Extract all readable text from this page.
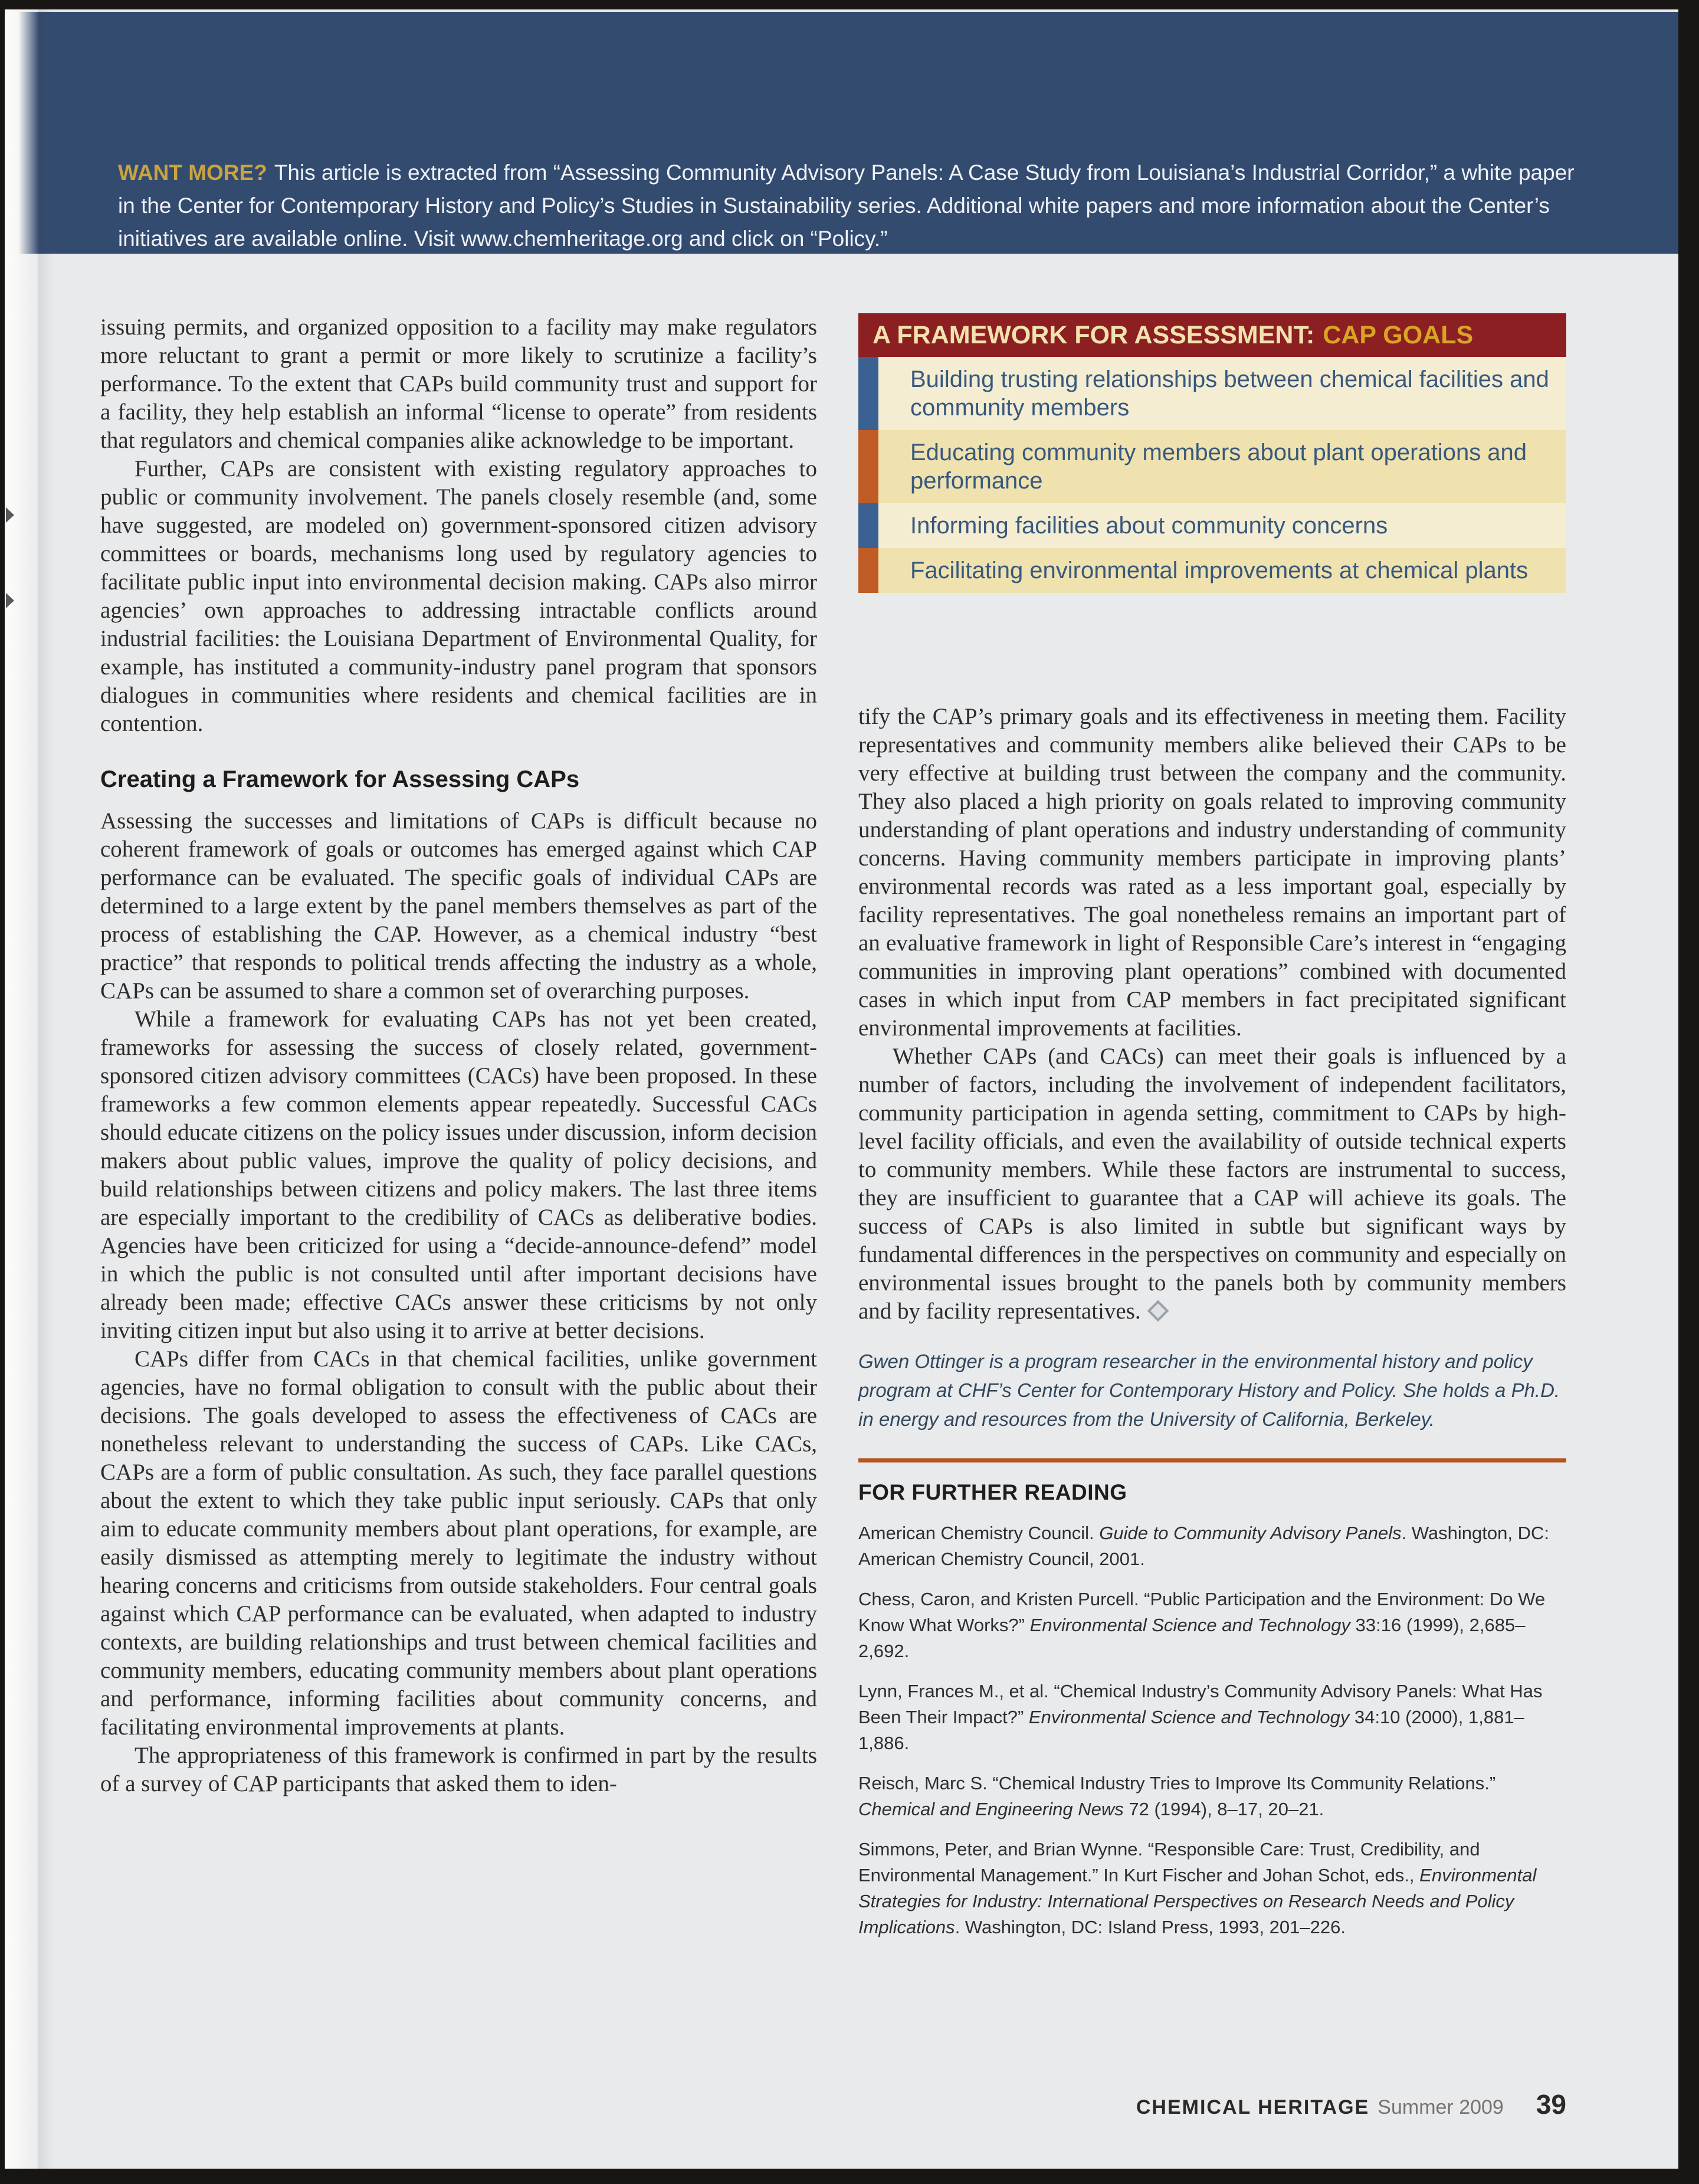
WANT MORE? This article is extracted from “Assessing Community Advisory Panels: A Case Study from Louisiana’s Industrial Corridor,” a white paper in the Center for Contemporary History and Policy’s Studies in Sustainability series. Additional white papers and more information about the Center’s initiatives are available online. Visit www.chemheritage.org and click on “Policy.”

issuing permits, and organized opposition to a facility may make regulators more reluctant to grant a permit or more likely to scrutinize a facility’s performance. To the extent that CAPs build community trust and support for a facility, they help establish an informal “license to operate” from residents that regulators and chemical companies alike acknowledge to be important.

Further, CAPs are consistent with existing regulatory approaches to public or community involvement. The panels closely resemble (and, some have suggested, are modeled on) government-sponsored citizen advisory committees or boards, mechanisms long used by regulatory agencies to facilitate public input into environmental decision making. CAPs also mirror agencies’ own approaches to addressing intractable conflicts around industrial facilities: the Louisiana Department of Environmental Quality, for example, has instituted a community-industry panel program that sponsors dialogues in communities where residents and chemical facilities are in contention.

Creating a Framework for Assessing CAPs

Assessing the successes and limitations of CAPs is difficult because no coherent framework of goals or outcomes has emerged against which CAP performance can be evaluated. The specific goals of individual CAPs are determined to a large extent by the panel members themselves as part of the process of establishing the CAP. However, as a chemical industry “best practice” that responds to political trends affecting the industry as a whole, CAPs can be assumed to share a common set of overarching purposes.

While a framework for evaluating CAPs has not yet been created, frameworks for assessing the success of closely related, government-sponsored citizen advisory committees (CACs) have been proposed. In these frameworks a few common elements appear repeatedly. Successful CACs should educate citizens on the policy issues under discussion, inform decision makers about public values, improve the quality of policy decisions, and build relationships between citizens and policy makers. The last three items are especially important to the credibility of CACs as deliberative bodies. Agencies have been criticized for using a “decide-announce-defend” model in which the public is not consulted until after important decisions have already been made; effective CACs answer these criticisms by not only inviting citizen input but also using it to arrive at better decisions.

CAPs differ from CACs in that chemical facilities, unlike government agencies, have no formal obligation to consult with the public about their decisions. The goals developed to assess the effectiveness of CACs are nonetheless relevant to understanding the success of CAPs. Like CACs, CAPs are a form of public consultation. As such, they face parallel questions about the extent to which they take public input seriously. CAPs that only aim to educate community members about plant operations, for example, are easily dismissed as attempting merely to legitimate the industry without hearing concerns and criticisms from outside stakeholders. Four central goals against which CAP performance can be evaluated, when adapted to industry contexts, are building relationships and trust between chemical facilities and community members, educating community members about plant operations and performance, informing facilities about community concerns, and facilitating environmental improvements at plants.

The appropriateness of this framework is confirmed in part by the results of a survey of CAP participants that asked them to iden-

A FRAMEWORK FOR ASSESSMENT: CAP GOALS
Building trusting relationships between chemical facilities and community members
Educating community members about plant operations and performance
Informing facilities about community concerns
Facilitating environmental improvements at chemical plants

tify the CAP’s primary goals and its effectiveness in meeting them. Facility representatives and community members alike believed their CAPs to be very effective at building trust between the company and the community. They also placed a high priority on goals related to improving community understanding of plant operations and industry understanding of community concerns. Having community members participate in improving plants’ environmental records was rated as a less important goal, especially by facility representatives. The goal nonetheless remains an important part of an evaluative framework in light of Responsible Care’s interest in “engaging communities in improving plant operations” combined with documented cases in which input from CAP members in fact precipitated significant environmental improvements at facilities.

Whether CAPs (and CACs) can meet their goals is influenced by a number of factors, including the involvement of independent facilitators, community participation in agenda setting, commitment to CAPs by high-level facility officials, and even the availability of outside technical experts to community members. While these factors are instrumental to success, they are insufficient to guarantee that a CAP will achieve its goals. The success of CAPs is also limited in subtle but significant ways by fundamental differences in the perspectives on community and especially on environmental issues brought to the panels both by community members and by facility representatives.

Gwen Ottinger is a program researcher in the environmental history and policy program at CHF’s Center for Contemporary History and Policy. She holds a Ph.D. in energy and resources from the University of California, Berkeley.

FOR FURTHER READING

American Chemistry Council. Guide to Community Advisory Panels. Washington, DC: American Chemistry Council, 2001.

Chess, Caron, and Kristen Purcell. “Public Participation and the Environment: Do We Know What Works?” Environmental Science and Technology 33:16 (1999), 2,685–2,692.

Lynn, Frances M., et al. “Chemical Industry’s Community Advisory Panels: What Has Been Their Impact?” Environmental Science and Technology 34:10 (2000), 1,881–1,886.

Reisch, Marc S. “Chemical Industry Tries to Improve Its Community Relations.” Chemical and Engineering News 72 (1994), 8–17, 20–21.

Simmons, Peter, and Brian Wynne. “Responsible Care: Trust, Credibility, and Environmental Management.” In Kurt Fischer and Johan Schot, eds., Environmental Strategies for Industry: International Perspectives on Research Needs and Policy Implications. Washington, DC: Island Press, 1993, 201–226.

CHEMICAL HERITAGE Summer 2009 39
